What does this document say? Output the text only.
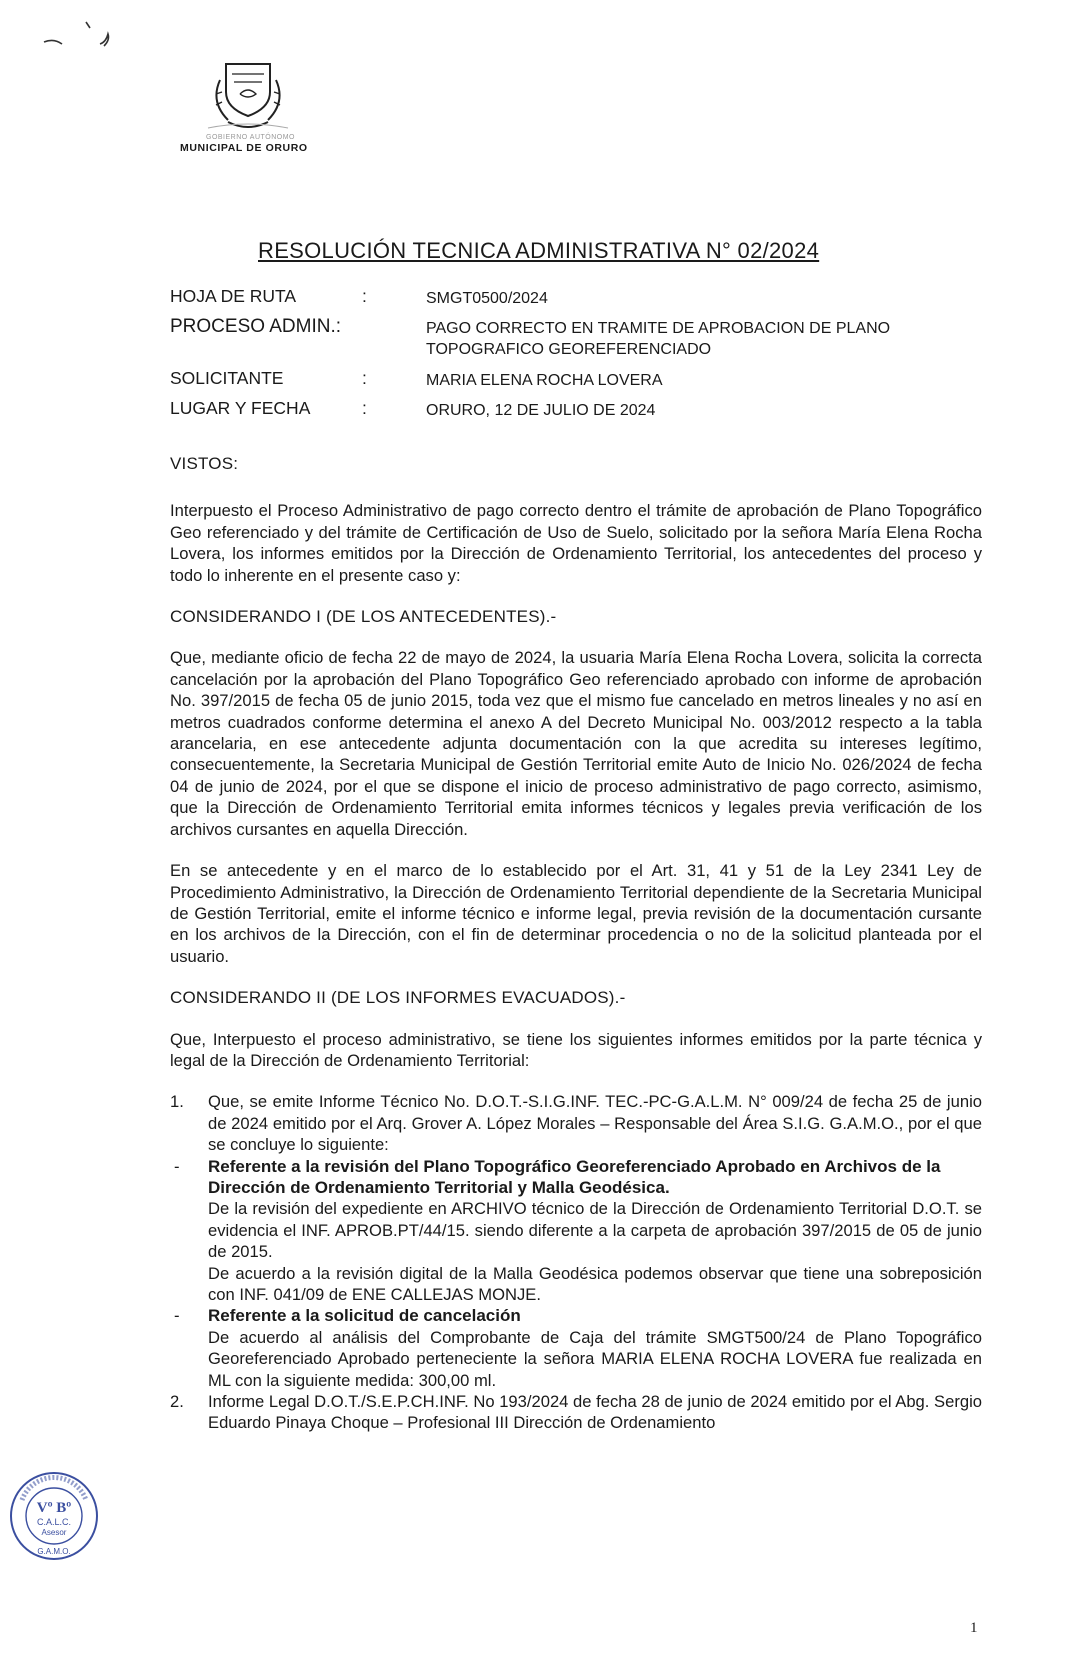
GOBIERNO AUTÓNOMO
MUNICIPAL DE ORURO
RESOLUCIÓN TECNICA ADMINISTRATIVA N° 02/2024
HOJA DE RUTA	:	SMGT0500/2024
PROCESO ADMIN.:	PAGO CORRECTO EN TRAMITE DE APROBACION DE PLANO TOPOGRAFICO GEOREFERENCIADO
SOLICITANTE	:	MARIA ELENA ROCHA LOVERA
LUGAR Y FECHA	:	ORURO, 12 DE JULIO DE 2024
VISTOS:

Interpuesto el Proceso Administrativo de pago correcto dentro el trámite de aprobación de Plano Topográfico Geo referenciado y del trámite de Certificación de Uso de Suelo, solicitado por la señora María Elena Rocha Lovera, los informes emitidos por la Dirección de Ordenamiento Territorial, los antecedentes del proceso y todo lo inherente en el presente caso y:

CONSIDERANDO I (DE LOS ANTECEDENTES).-

Que, mediante oficio de fecha 22 de mayo de 2024, la usuaria María Elena Rocha Lovera, solicita la correcta cancelación por la aprobación del Plano Topográfico Geo referenciado aprobado con informe de aprobación No. 397/2015 de fecha 05 de junio 2015, toda vez que el mismo fue cancelado en metros lineales y no así en metros cuadrados conforme determina el anexo A del Decreto Municipal No. 003/2012 respecto a la tabla arancelaria, en ese antecedente adjunta documentación con la que acredita su intereses legítimo, consecuentemente, la Secretaria Municipal de Gestión Territorial emite Auto de Inicio No. 026/2024 de fecha 04 de junio de 2024, por el que se dispone el inicio de proceso administrativo de pago correcto, asimismo, que la Dirección de Ordenamiento Territorial emita informes técnicos y legales previa verificación de los archivos cursantes en aquella Dirección.

En se antecedente y en el marco de lo establecido por el Art. 31, 41 y 51 de la Ley 2341 Ley de Procedimiento Administrativo, la Dirección de Ordenamiento Territorial dependiente de la Secretaria Municipal de Gestión Territorial, emite el informe técnico e informe legal, previa revisión de la documentación cursante en los archivos de la Dirección, con el fin de determinar procedencia o no de la solicitud planteada por el usuario.

CONSIDERANDO II (DE LOS INFORMES EVACUADOS).-

Que, Interpuesto el proceso administrativo, se tiene los siguientes informes emitidos por la parte técnica y legal de la Dirección de Ordenamiento Territorial:

1. Que, se emite Informe Técnico No. D.O.T.-S.I.G.INF. TEC.-PC-G.A.L.M. N° 009/24 de fecha 25 de junio de 2024 emitido por el Arq. Grover A. López Morales – Responsable del Área S.I.G. G.A.M.O., por el que se concluye lo siguiente:

- Referente a la revisión del Plano Topográfico Georeferenciado Aprobado en Archivos de la Dirección de Ordenamiento Territorial y Malla Geodésica.
De la revisión del expediente en ARCHIVO técnico de la Dirección de Ordenamiento Territorial D.O.T. se evidencia el INF. APROB.PT/44/15. siendo diferente a la carpeta de aprobación 397/2015 de 05 de junio de 2015.
De acuerdo a la revisión digital de la Malla Geodésica podemos observar que tiene una sobreposición con INF. 041/09 de ENE CALLEJAS MONJE.
- Referente a la solicitud de cancelación
De acuerdo al análisis del Comprobante de Caja del trámite SMGT500/24 de Plano Topográfico Georeferenciado Aprobado perteneciente la señora MARIA ELENA ROCHA LOVERA fue realizada en ML con la siguiente medida: 300,00 ml.
2. Informe Legal D.O.T./S.E.P.CH.INF. No 193/2024 de fecha 28 de junio de 2024 emitido por el Abg. Sergio Eduardo Pinaya Choque – Profesional III Dirección de Ordenamiento

Vº Bº
C.A.L.C.
Asesor
G.A.M.O.
1
